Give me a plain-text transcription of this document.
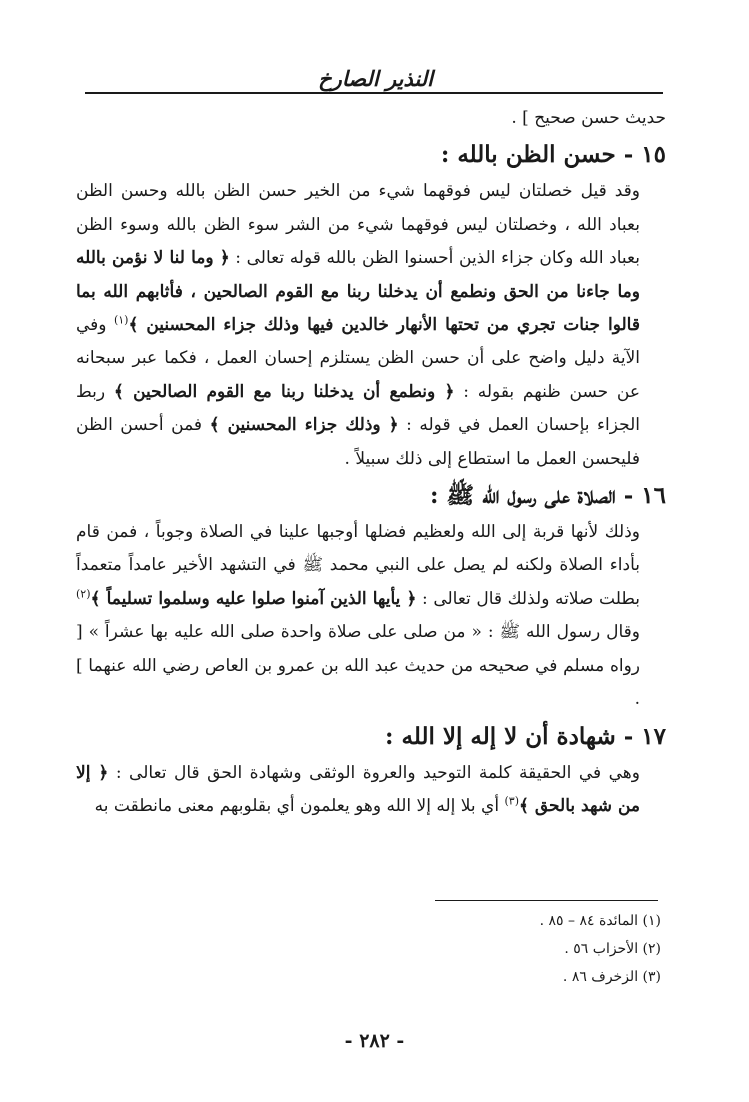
النذير الصارخ

حديث حسن صحيح ] .

١٥ - حسن الظن بالله :

وقد قيل خصلتان ليس فوقهما شيء من الخير حسن الظن بالله وحسن الظن بعباد الله ، وخصلتان ليس فوقهما شيء من الشر سوء الظن بالله وسوء الظن بعباد الله وكان جزاء الذين أحسنوا الظن بالله قوله تعالى : ﴿ وما لنا لا نؤمن بالله وما جاءنا من الحق ونطمع أن يدخلنا ربنا مع القوم الصالحين ، فأثابهم الله بما قالوا جنات تجري من تحتها الأنهار خالدين فيها وذلك جزاء المحسنين ﴾$^{(١)}$ وفي الآية دليل واضح على أن حسن الظن يستلزم إحسان العمل ، فكما عبر سبحانه عن حسن ظنهم بقوله : ﴿ ونطمع أن يدخلنا ربنا مع القوم الصالحين ﴾ ربط الجزاء بإحسان العمل في قوله : ﴿ وذلك جزاء المحسنين ﴾ فمن أحسن الظن فليحسن العمل ما استطاع إلى ذلك سبيلاً .

١٦ - الصلاة على رسول الله ﷺ :

وذلك لأنها قربة إلى الله ولعظيم فضلها أوجبها علينا في الصلاة وجوباً ، فمن قام بأداء الصلاة ولكنه لم يصل على النبي محمد ﷺ في التشهد الأخير عامداً متعمداً بطلت صلاته ولذلك قال تعالى : ﴿ يأيها الذين آمنوا صلوا عليه وسلموا تسليماً ﴾$^{(٢)}$ وقال رسول الله ﷺ : « من صلى على صلاة واحدة صلى الله عليه بها عشراً » [ رواه مسلم في صحيحه من حديث عبد الله بن عمرو بن العاص رضي الله عنهما ] .

١٧ - شهادة أن لا إله إلا الله :

وهي في الحقيقة كلمة التوحيد والعروة الوثقى وشهادة الحق قال تعالى : ﴿ إلا من شهد بالحق ﴾$^{(٣)}$ أي بلا إله إلا الله وهو يعلمون أي بقلوبهم معنى مانطقت به

(١) المائدة ٨٤ – ٨٥ .
(٢) الأحزاب ٥٦ .
(٣) الزخرف ٨٦ .
- ٢٨٢ -
